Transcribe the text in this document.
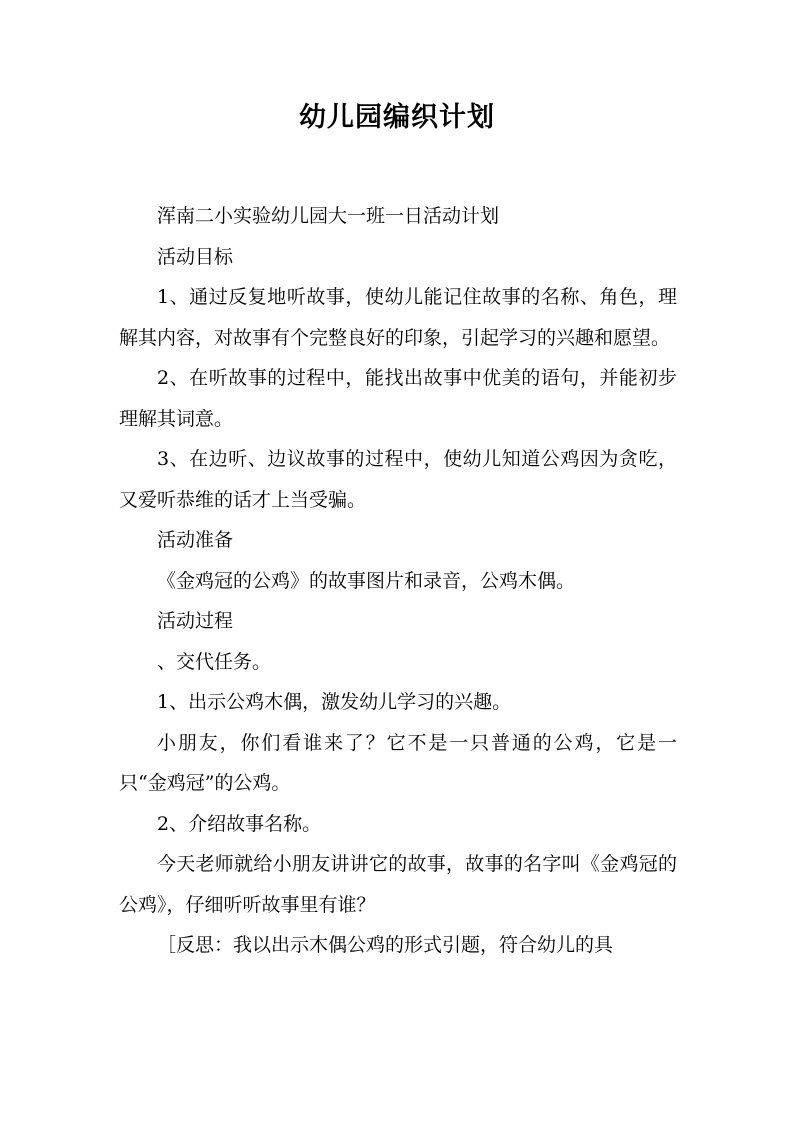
幼儿园编织计划

浑南二小实验幼儿园大一班一日活动计划

活动目标

1、通过反复地听故事，使幼儿能记住故事的名称、角色，理解其内容，对故事有个完整良好的印象，引起学习的兴趣和愿望。

2、在听故事的过程中，能找出故事中优美的语句，并能初步理解其词意。

3、在边听、边议故事的过程中，使幼儿知道公鸡因为贪吃，又爱听恭维的话才上当受骗。

活动准备

《金鸡冠的公鸡》的故事图片和录音，公鸡木偶。

活动过程

、交代任务。

1、出示公鸡木偶，激发幼儿学习的兴趣。

小朋友，你们看谁来了？它不是一只普通的公鸡，它是一只“金鸡冠”的公鸡。

2、介绍故事名称。

今天老师就给小朋友讲讲它的故事，故事的名字叫《金鸡冠的公鸡》，仔细听听故事里有谁？

［反思：我以出示木偶公鸡的形式引题，符合幼儿的具
